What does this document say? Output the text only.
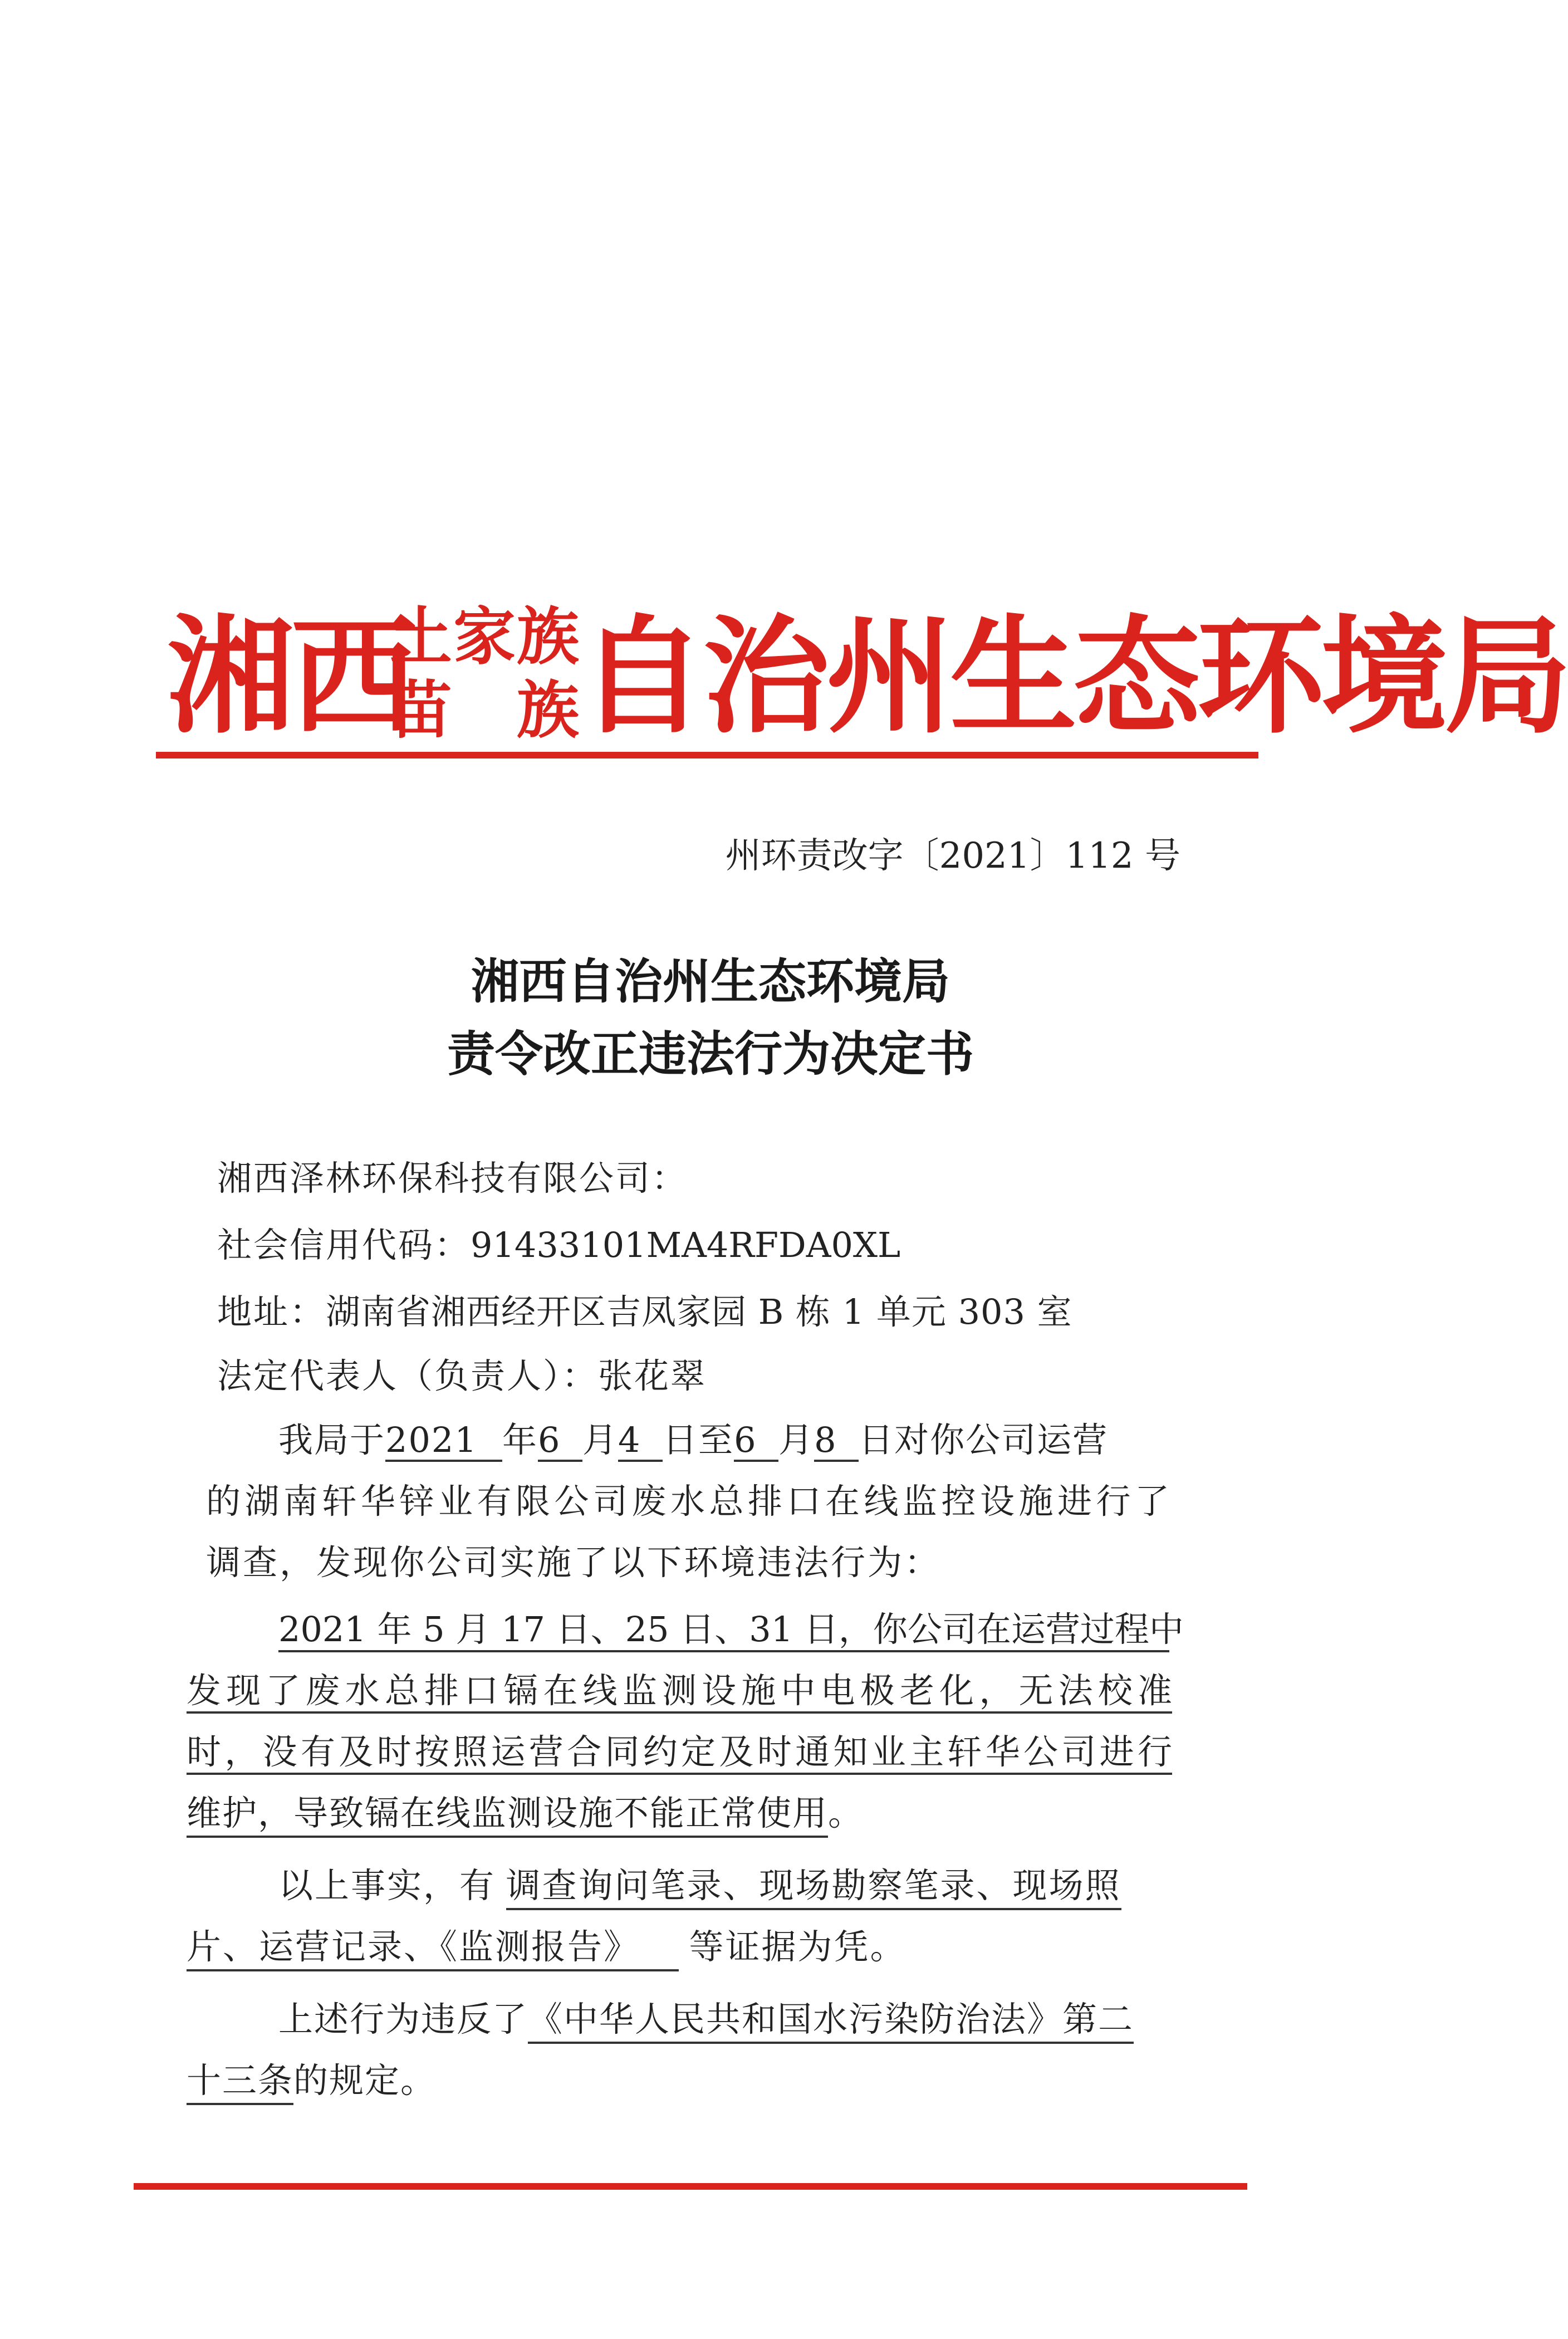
湘西
土家族
苗　族
自治州生态环境局
州环责改字〔2021〕112 号
湘西自治州生态环境局
责令改正违法行为决定书
湘西泽林环保科技有限公司：
社会信用代码：91433101MA4RFDA0XL
地址：湖南省湘西经开区吉凤家园 B 栋 1 单元 303 室
法定代表人（负责人）：张花翠
我局于2021 年6 月4 日至6 月8 日对你公司运营
的湖南轩华锌业有限公司废水总排口在线监控设施进行了
调查，发现你公司实施了以下环境违法行为：
2021 年 5 月 17 日、25 日、31 日，你公司在运营过程中
发现了废水总排口镉在线监测设施中电极老化，无法校准
时，没有及时按照运营合同约定及时通知业主轩华公司进行
维护，导致镉在线监测设施不能正常使用。
以上事实，有  调查询问笔录、现场勘察笔录、现场照
片、运营记录、《监测报告》  等证据为凭。
上述行为违反了《中华人民共和国水污染防治法》第二
十三条的规定。
